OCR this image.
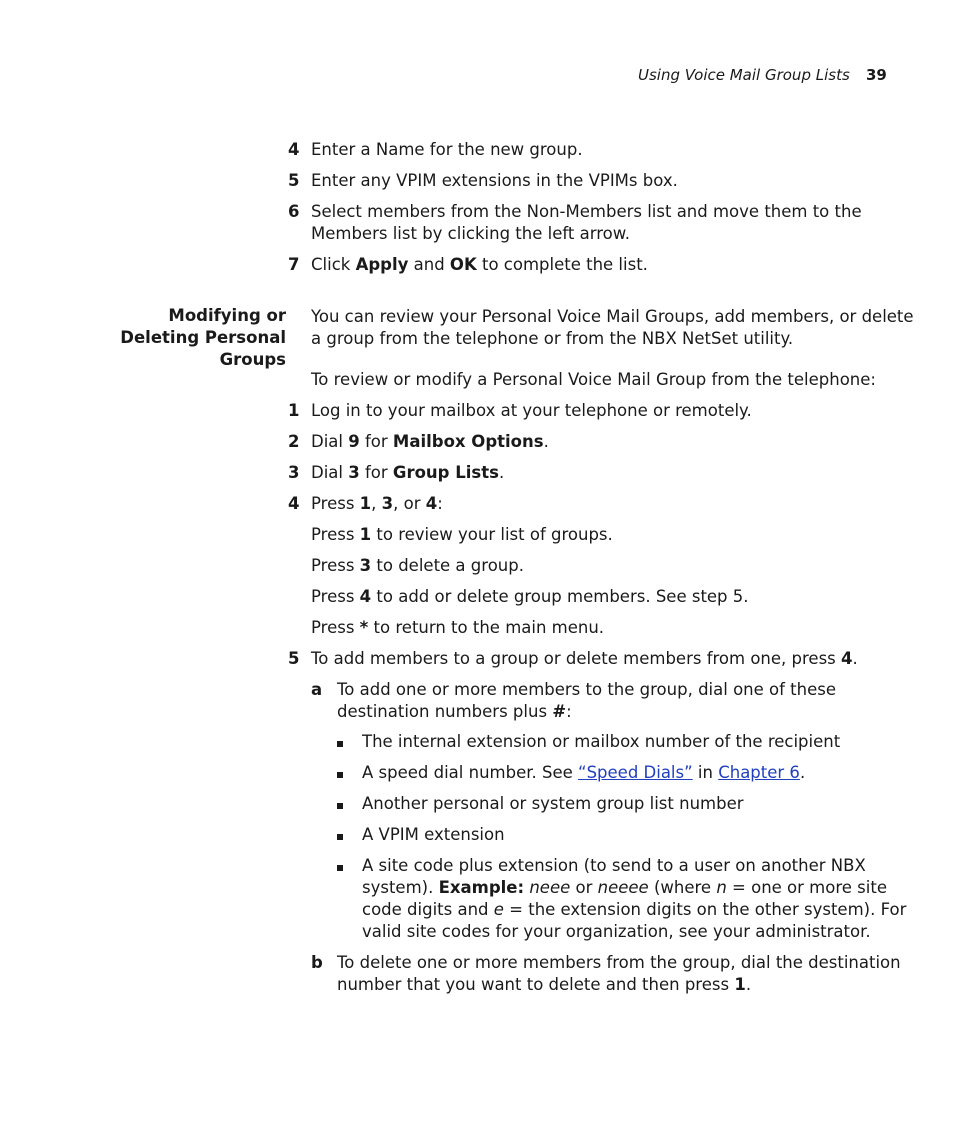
Using Voice Mail Group Lists 39
4 Enter a Name for the new group.
5 Enter any VPIM extensions in the VPIMs box.
6 Select members from the Non-Members list and move them to the
Members list by clicking the left arrow.
7 Click Apply and OK to complete the list.
Modifying or
Deleting Personal
Groups
You can review your Personal Voice Mail Groups, add members, or delete
a group from the telephone or from the NBX NetSet utility.
To review or modify a Personal Voice Mail Group from the telephone:
1 Log in to your mailbox at your telephone or remotely.
2 Dial 9 for Mailbox Options.
3 Dial 3 for Group Lists.
4 Press 1, 3, or 4:
Press 1 to review your list of groups.
Press 3 to delete a group.
Press 4 to add or delete group members. See step 5.
Press * to return to the main menu.
5 To add members to a group or delete members from one, press 4.
a To add one or more members to the group, dial one of these
destination numbers plus #:
The internal extension or mailbox number of the recipient
A speed dial number. See “Speed Dials” in Chapter 6.
Another personal or system group list number
A VPIM extension
A site code plus extension (to send to a user on another NBX
system). Example: neee or neeee (where n = one or more site
code digits and e = the extension digits on the other system). For
valid site codes for your organization, see your administrator.
b To delete one or more members from the group, dial the destination
number that you want to delete and then press 1.
